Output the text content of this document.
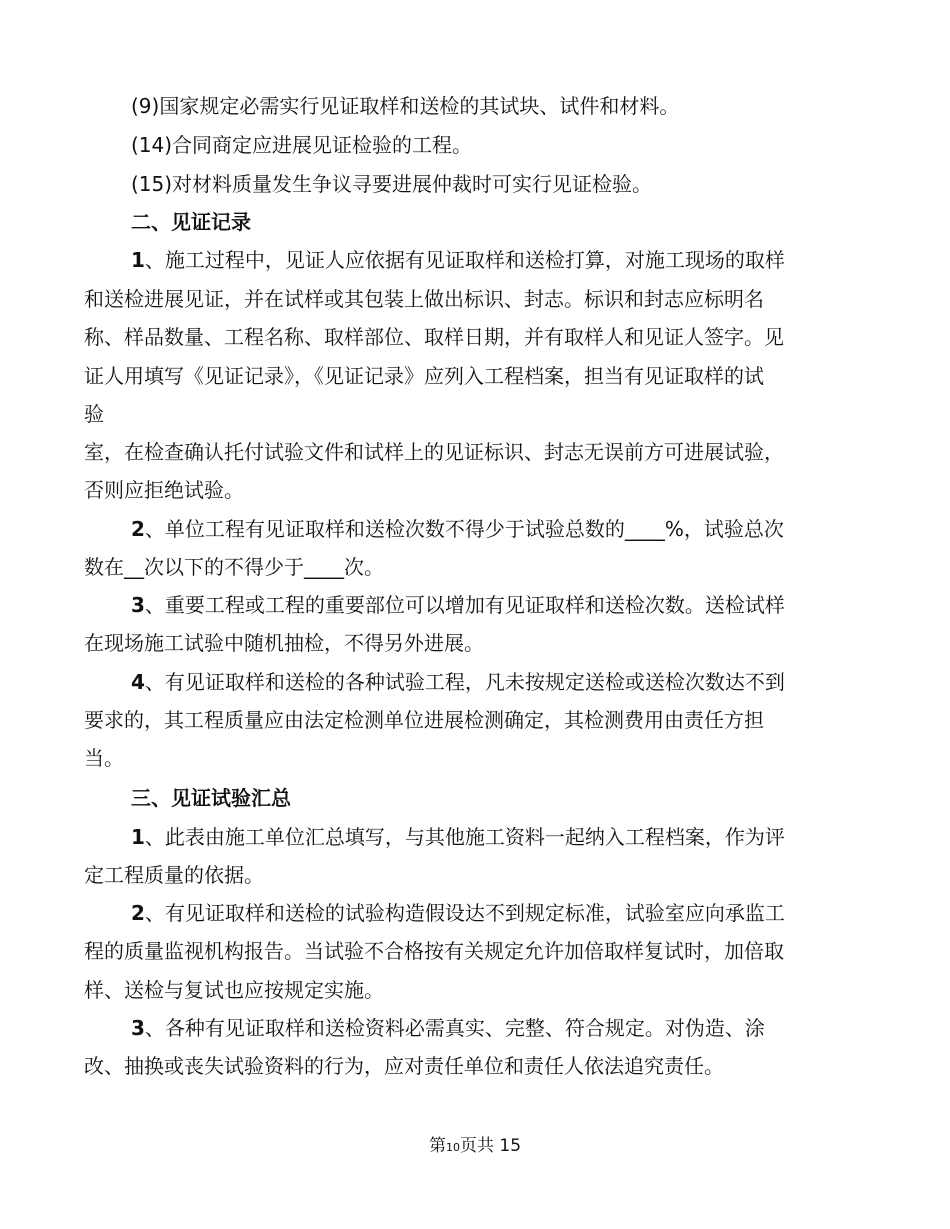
(9)国家规定必需实行见证取样和送检的其试块、试件和材料。
(14)合同商定应进展见证检验的工程。
(15)对材料质量发生争议寻要进展仲裁时可实行见证检验。
二、见证记录
1、施工过程中，见证人应依据有见证取样和送检打算，对施工现场的取样
和送检进展见证，并在试样或其包装上做出标识、封志。标识和封志应标明名
称、样品数量、工程名称、取样部位、取样日期，并有取样人和见证人签字。见
证人用填写《见证记录》，《见证记录》应列入工程档案，担当有见证取样的试
验
室，在检查确认托付试验文件和试样上的见证标识、封志无误前方可进展试验，
否则应拒绝试验。
2、单位工程有见证取样和送检次数不得少于试验总数的____%，试验总次
数在__次以下的不得少于____次。
3、重要工程或工程的重要部位可以增加有见证取样和送检次数。送检试样
在现场施工试验中随机抽检，不得另外进展。
4、有见证取样和送检的各种试验工程，凡未按规定送检或送检次数达不到
要求的，其工程质量应由法定检测单位进展检测确定，其检测费用由责任方担
当。
三、见证试验汇总
1、此表由施工单位汇总填写，与其他施工资料一起纳入工程档案，作为评
定工程质量的依据。
2、有见证取样和送检的试验构造假设达不到规定标准，试验室应向承监工
程的质量监视机构报告。当试验不合格按有关规定允许加倍取样复试时，加倍取
样、送检与复试也应按规定实施。
3、各种有见证取样和送检资料必需真实、完整、符合规定。对伪造、涂
改、抽换或丧失试验资料的行为，应对责任单位和责任人依法追究责任。
第10页共 15
